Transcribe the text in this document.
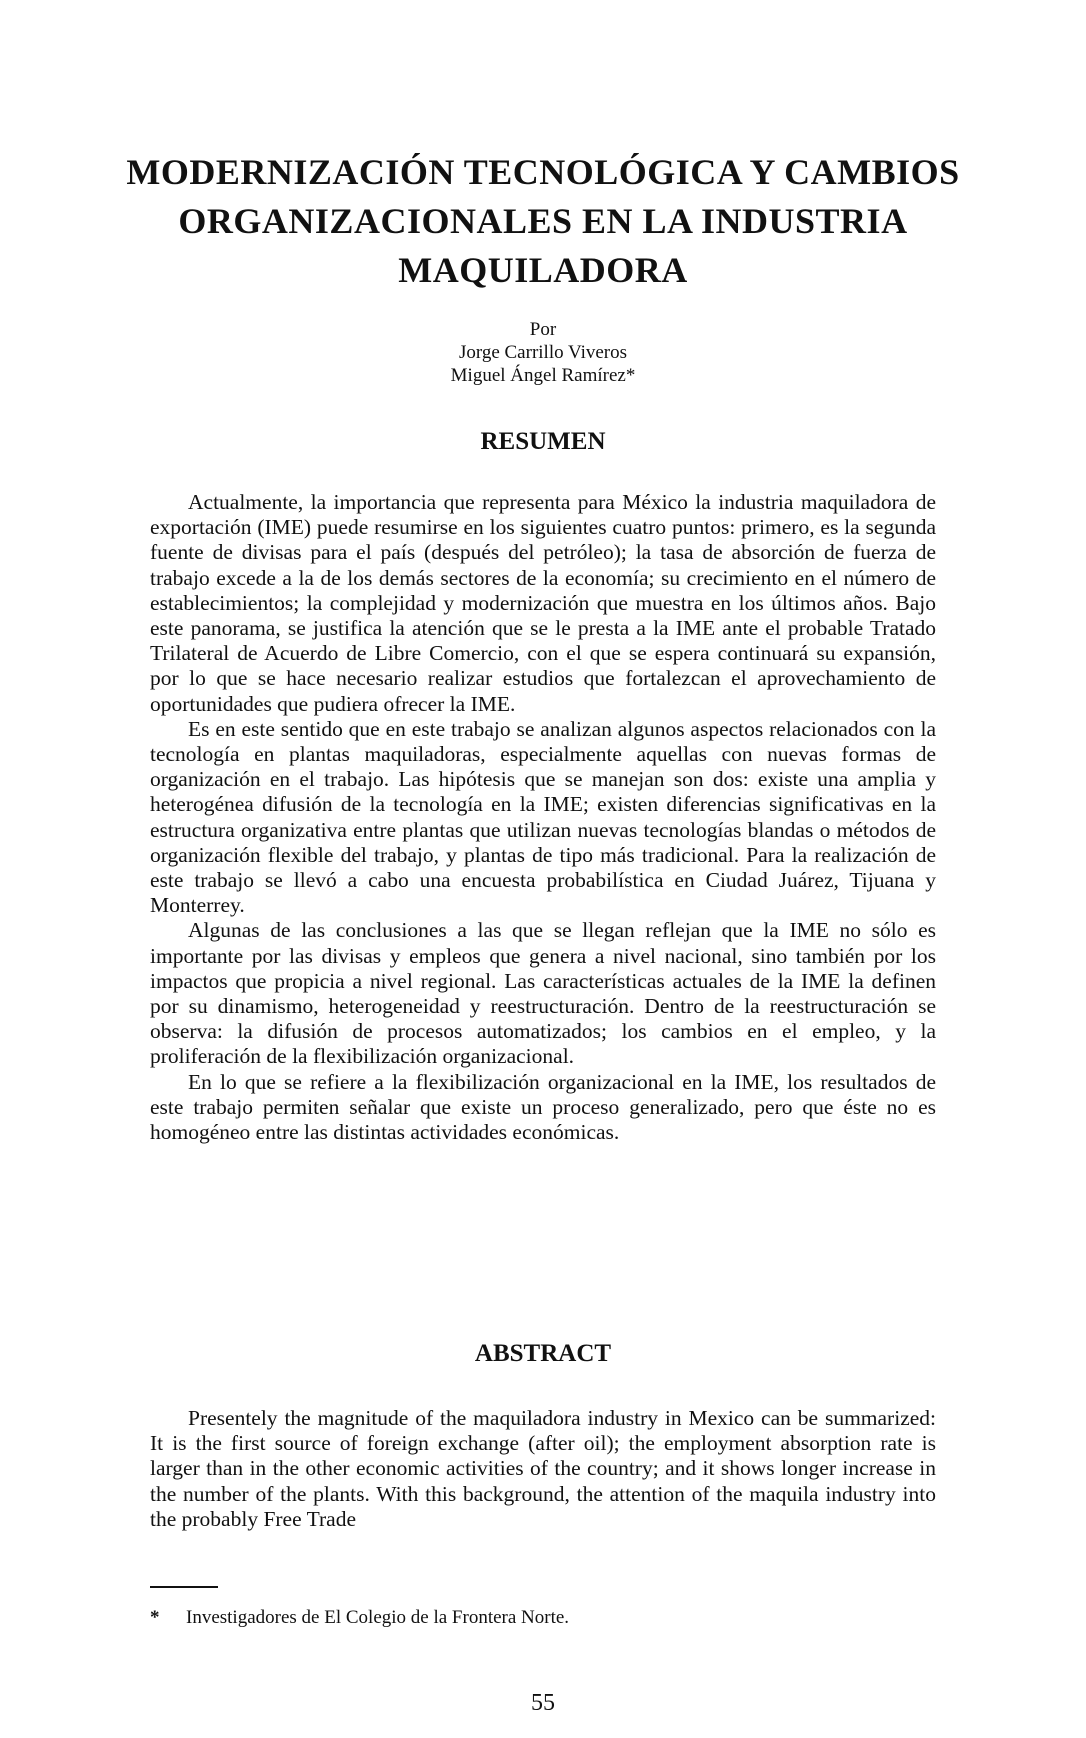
MODERNIZACIÓN TECNOLÓGICA Y CAMBIOS
ORGANIZACIONALES EN LA INDUSTRIA
MAQUILADORA
Por
Jorge Carrillo Viveros
Miguel Ángel Ramírez*
RESUMEN

Actualmente, la importancia que representa para México la industria maquiladora de exportación (IME) puede resumirse en los siguientes cuatro puntos: primero, es la segunda fuente de divisas para el país (después del petróleo); la tasa de absorción de fuerza de trabajo excede a la de los demás sectores de la economía; su crecimiento en el número de establecimientos; la complejidad y modernización que muestra en los últimos años. Bajo este panorama, se justifica la atención que se le presta a la IME ante el probable Tratado Trilateral de Acuerdo de Libre Comercio, con el que se espera continuará su expansión, por lo que se hace necesario realizar estudios que fortalezcan el aprovechamiento de oportunidades que pudiera ofrecer la IME.

Es en este sentido que en este trabajo se analizan algunos aspectos relacionados con la tecnología en plantas maquiladoras, especialmente aquellas con nuevas formas de organización en el trabajo. Las hipótesis que se manejan son dos: existe una amplia y heterogénea difusión de la tecnología en la IME; existen diferencias significativas en la estructura organizativa entre plantas que utilizan nuevas tecnologías blandas o métodos de organización flexible del trabajo, y plantas de tipo más tradicional. Para la realización de este trabajo se llevó a cabo una encuesta probabilística en Ciudad Juárez, Tijuana y Monterrey.

Algunas de las conclusiones a las que se llegan reflejan que la IME no sólo es importante por las divisas y empleos que genera a nivel nacional, sino también por los impactos que propicia a nivel regional. Las características actuales de la IME la definen por su dinamismo, heterogeneidad y reestructuración. Dentro de la reestructuración se observa: la difusión de procesos automatizados; los cambios en el empleo, y la proliferación de la flexibilización organizacional.

En lo que se refiere a la flexibilización organizacional en la IME, los resultados de este trabajo permiten señalar que existe un proceso generalizado, pero que éste no es homogéneo entre las distintas actividades económicas.

ABSTRACT

Presentely the magnitude of the maquiladora industry in Mexico can be summarized: It is the first source of foreign exchange (after oil); the employment absorption rate is larger than in the other economic activities of the country; and it shows longer increase in the number of the plants. With this background, the attention of the maquila industry into the probably Free Trade

* Investigadores de El Colegio de la Frontera Norte.
55
